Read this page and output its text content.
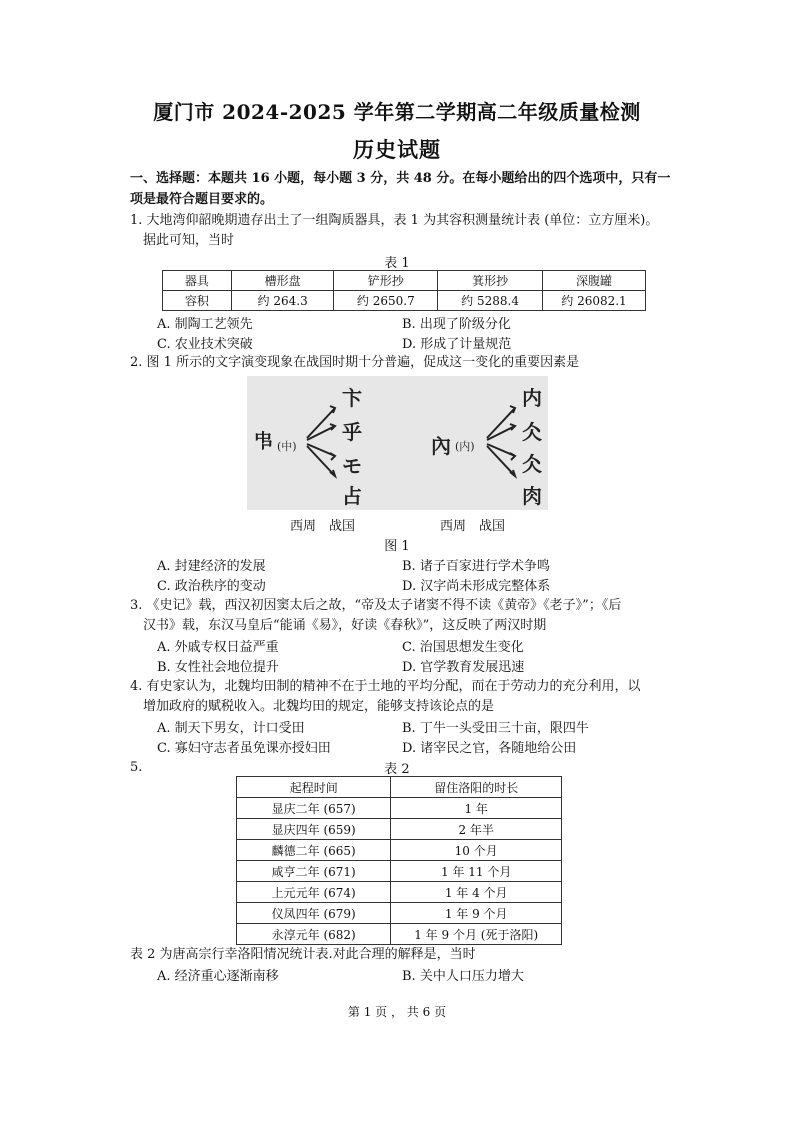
厦门市 2024-2025 学年第二学期高二年级质量检测
历史试题
一、选择题：本题共 16 小题，每小题 3 分，共 48 分。在每小题给出的四个选项中，只有一项是最符合题目要求的。
1. 大地湾仰韶晚期遗存出土了一组陶质器具，表 1 为其容积测量统计表 (单位：立方厘米)。
据此可知，当时
表 1
器具	槽形盘	铲形抄	箕形抄	深腹罐
容积	约 264.3	约 2650.7	约 5288.4	约 26082.1
A. 制陶工艺领先	B. 出现了阶级分化
C. 农业技术突破	D. 形成了计量规范
2. 图 1 所示的文字演变现象在战国时期十分普遍，促成这一变化的重要因素是
𠁧 (中)
卞
乎
モ
占
內 (内)
内
仌
仌
肉
西周　战国	西周　战国
图 1
A. 封建经济的发展	B. 诸子百家进行学术争鸣
C. 政治秩序的变动	D. 汉字尚未形成完整体系
3. 《史记》载，西汉初因窦太后之故，“帝及太子诸窦不得不读《黄帝》《老子》”；《后
汉书》载，东汉马皇后“能诵《易》，好读《春秋》”，这反映了两汉时期
A. 外戚专权日益严重	C. 治国思想发生变化
B. 女性社会地位提升	D. 官学教育发展迅速
4. 有史家认为，北魏均田制的精神不在于土地的平均分配，而在于劳动力的充分利用，以
增加政府的赋税收入。北魏均田的规定，能够支持该论点的是
A. 制天下男女，计口受田	B. 丁牛一头受田三十亩，限四牛
C. 寡妇守志者虽免课亦授妇田	D. 诸宰民之官，各随地给公田
5.	表 2
起程时间	留住洛阳的时长
显庆二年 (657)	1 年
显庆四年 (659)	2 年半
麟德二年 (665)	10 个月
咸亨二年 (671)	1 年 11 个月
上元元年 (674)	1 年 4 个月
仪凤四年 (679)	1 年 9 个月
永淳元年 (682)	1 年 9 个月 (死于洛阳)
表 2 为唐高宗行幸洛阳情况统计表.对此合理的解释是，当时
A. 经济重心逐渐南移	B. 关中人口压力增大
第 1 页 ， 共 6 页
